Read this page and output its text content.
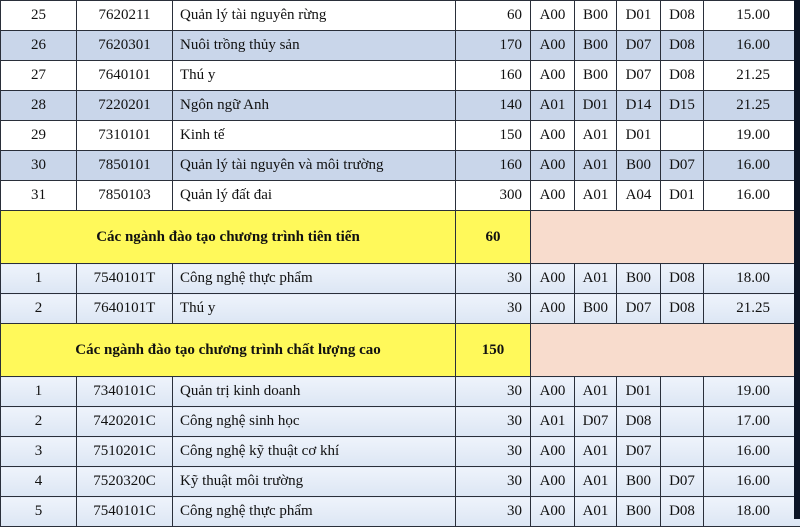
25	7620211	Quản lý tài nguyên rừng	60	A00	B00	D01	D08	15.00
26	7620301	Nuôi trồng thủy sản	170	A00	B00	D07	D08	16.00
27	7640101	Thú y	160	A00	B00	D07	D08	21.25
28	7220201	Ngôn ngữ Anh	140	A01	D01	D14	D15	21.25
29	7310101	Kinh tế	150	A00	A01	D01		19.00
30	7850101	Quản lý tài nguyên và môi trường	160	A00	A01	B00	D07	16.00
31	7850103	Quản lý đất đai	300	A00	A01	A04	D01	16.00
Các ngành đào tạo chương trình tiên tiến			60					
1	7540101T	Công nghệ thực phẩm	30	A00	A01	B00	D08	18.00
2	7640101T	Thú y	30	A00	B00	D07	D08	21.25
Các ngành đào tạo chương trình chất lượng cao			150					
1	7340101C	Quản trị kinh doanh	30	A00	A01	D01		19.00
2	7420201C	Công nghệ sinh học	30	A01	D07	D08		17.00
3	7510201C	Công nghệ kỹ thuật cơ khí	30	A00	A01	D07		16.00
4	7520320C	Kỹ thuật môi trường	30	A00	A01	B00	D07	16.00
5	7540101C	Công nghệ thực phẩm	30	A00	A01	B00	D08	18.00
